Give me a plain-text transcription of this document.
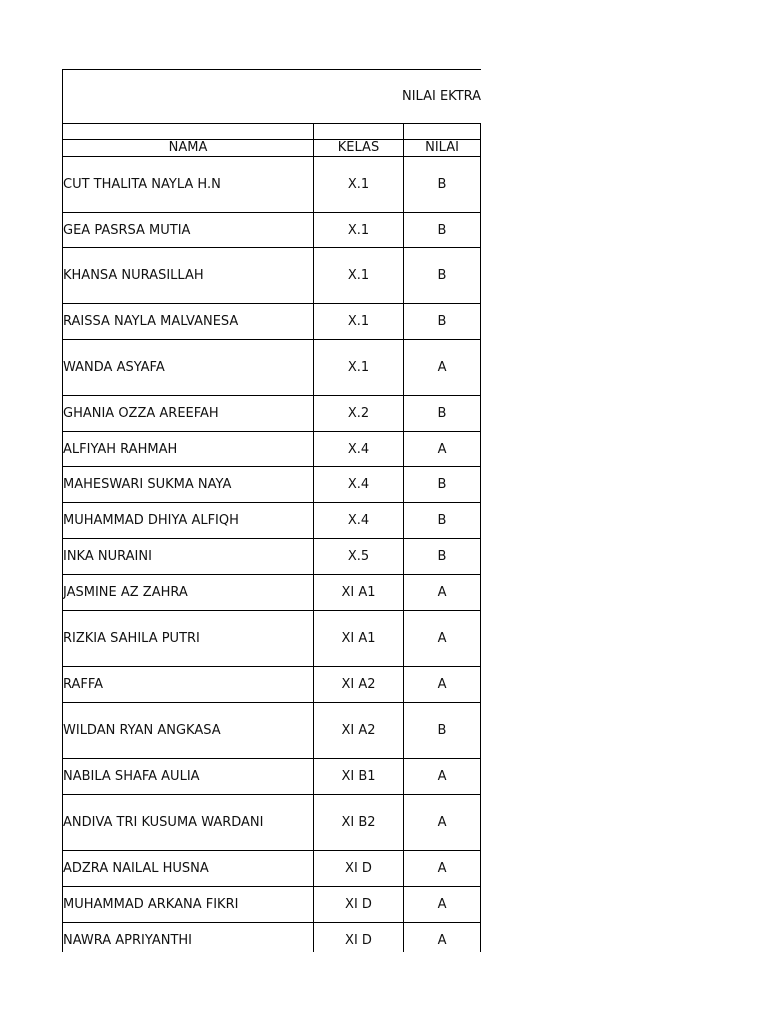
NILAI EKTRA		

NAMA	KELAS	NILAI
CUT THALITA NAYLA H.N	X.1	B
GEA PASRSA MUTIA	X.1	B
KHANSA NURASILLAH	X.1	B
RAISSA NAYLA MALVANESA	X.1	B
WANDA ASYAFA	X.1	A
GHANIA OZZA AREEFAH	X.2	B
ALFIYAH RAHMAH	X.4	A
MAHESWARI SUKMA NAYA	X.4	B
MUHAMMAD DHIYA ALFIQH	X.4	B
INKA NURAINI	X.5	B
JASMINE AZ ZAHRA	XI A1	A
RIZKIA SAHILA PUTRI	XI A1	A
RAFFA	XI A2	A
WILDAN RYAN ANGKASA	XI A2	B
NABILA SHAFA AULIA	XI B1	A
ANDIVA TRI KUSUMA WARDANI	XI B2	A
ADZRA NAILAL HUSNA	XI D	A
MUHAMMAD ARKANA FIKRI	XI D	A
NAWRA APRIYANTHI	XI D	A
